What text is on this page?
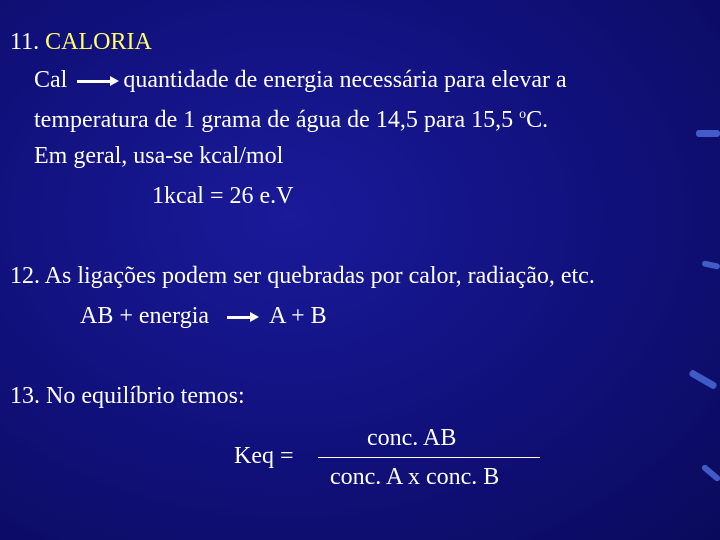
11. CALORIA
Cal quantidade de energia necessária para elevar a
temperatura de 1 grama de água de 14,5 para 15,5 $^o$C.
Em geral, usa-se kcal/mol
1kcal = 26 e.V
12. As ligações podem ser quebradas por calor, radiação, etc.
AB + energia	A + B
13. No equilíbrio temos:
Keq =
conc. AB
conc. A x conc. B
